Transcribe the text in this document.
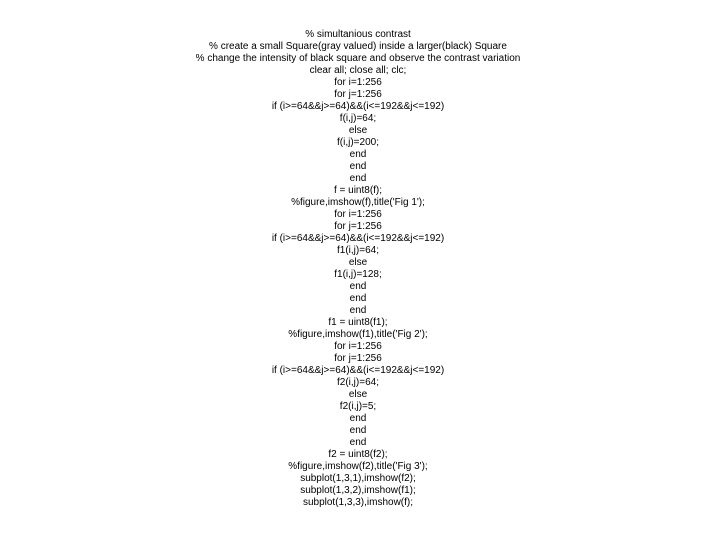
% simultanious contrast
% create a small Square(gray valued) inside a larger(black) Square
% change the intensity of black square and observe the contrast variation
clear all; close all; clc;
for i=1:256
for j=1:256
if (i>=64&&j>=64)&&(i<=192&&j<=192)
f(i,j)=64;
else
f(i,j)=200;
end
end
end
f = uint8(f);
%figure,imshow(f),title('Fig 1');
for i=1:256
for j=1:256
if (i>=64&&j>=64)&&(i<=192&&j<=192)
f1(i,j)=64;
else
f1(i,j)=128;
end
end
end
f1 = uint8(f1);
%figure,imshow(f1),title('Fig 2');
for i=1:256
for j=1:256
if (i>=64&&j>=64)&&(i<=192&&j<=192)
f2(i,j)=64;
else
f2(i,j)=5;
end
end
end
f2 = uint8(f2);
%figure,imshow(f2),title('Fig 3');
subplot(1,3,1),imshow(f2);
subplot(1,3,2),imshow(f1);
subplot(1,3,3),imshow(f);
